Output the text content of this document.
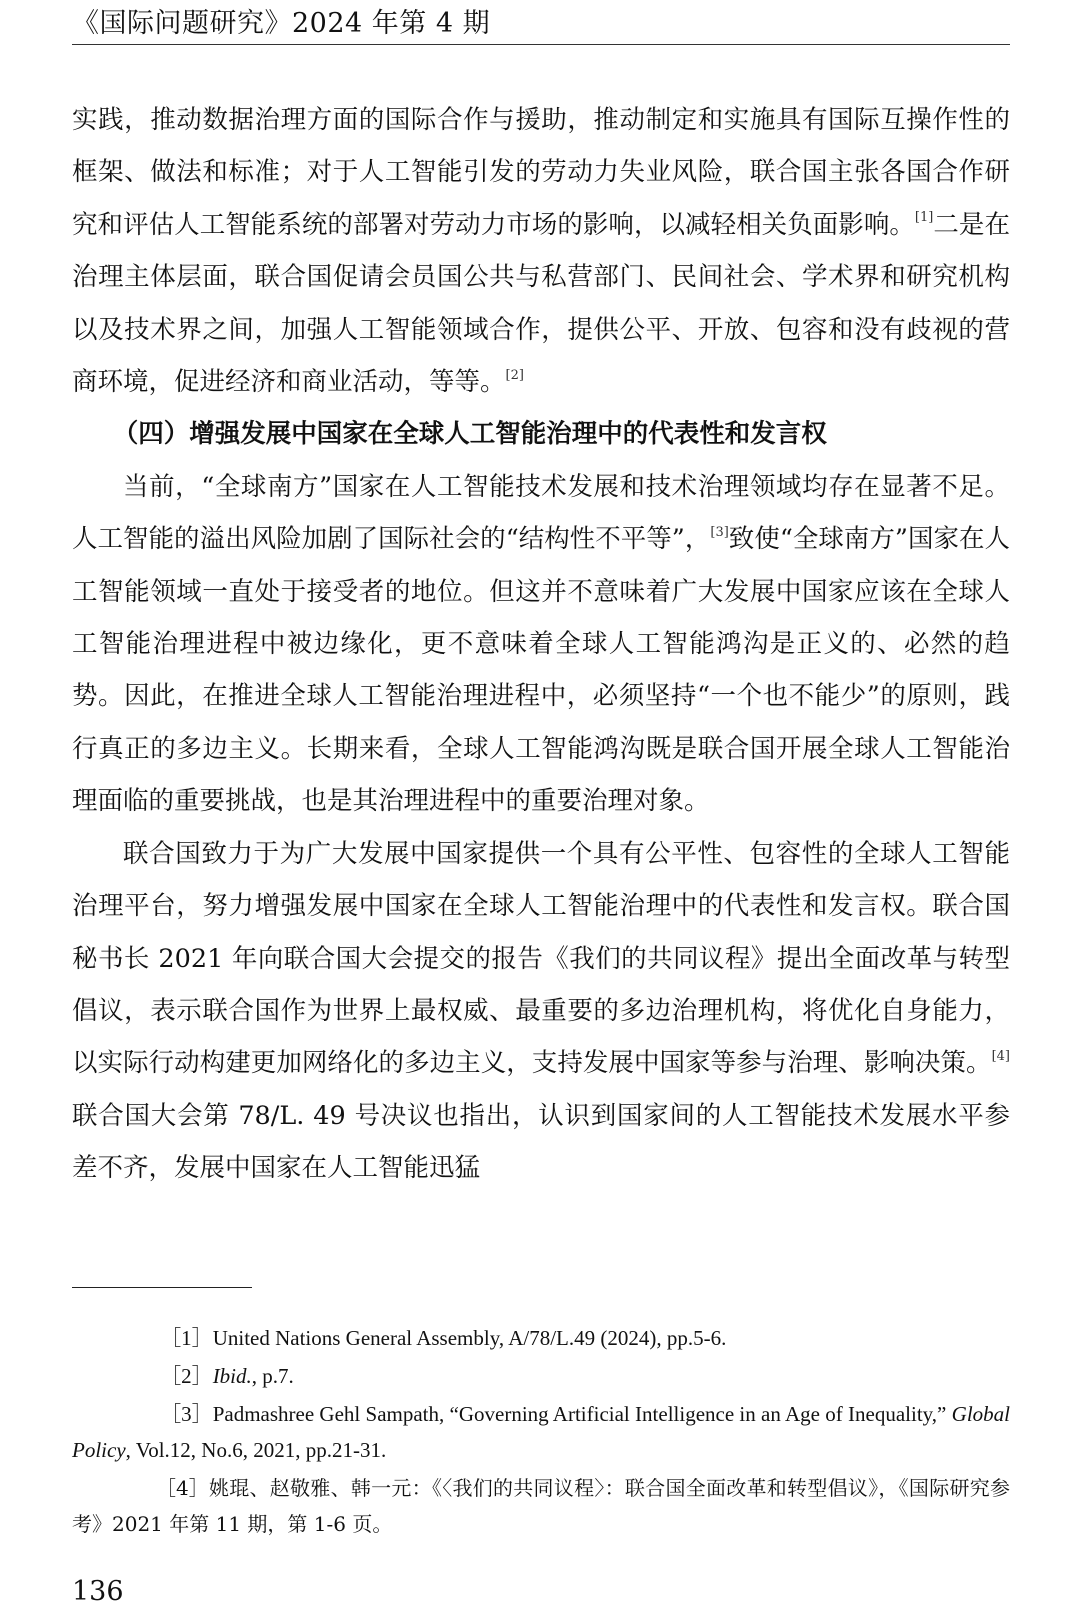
《国际问题研究》2024 年第 4 期

实践，推动数据治理方面的国际合作与援助，推动制定和实施具有国际互操作性的框架、做法和标准；对于人工智能引发的劳动力失业风险，联合国主张各国合作研究和评估人工智能系统的部署对劳动力市场的影响，以减轻相关负面影响。[1]二是在治理主体层面，联合国促请会员国公共与私营部门、民间社会、学术界和研究机构以及技术界之间，加强人工智能领域合作，提供公平、开放、包容和没有歧视的营商环境，促进经济和商业活动，等等。[2]

（四）增强发展中国家在全球人工智能治理中的代表性和发言权

当前，“全球南方”国家在人工智能技术发展和技术治理领域均存在显著不足。人工智能的溢出风险加剧了国际社会的“结构性不平等”，[3]致使“全球南方”国家在人工智能领域一直处于接受者的地位。但这并不意味着广大发展中国家应该在全球人工智能治理进程中被边缘化，更不意味着全球人工智能鸿沟是正义的、必然的趋势。因此，在推进全球人工智能治理进程中，必须坚持“一个也不能少”的原则，践行真正的多边主义。长期来看，全球人工智能鸿沟既是联合国开展全球人工智能治理面临的重要挑战，也是其治理进程中的重要治理对象。

联合国致力于为广大发展中国家提供一个具有公平性、包容性的全球人工智能治理平台，努力增强发展中国家在全球人工智能治理中的代表性和发言权。联合国秘书长 2021 年向联合国大会提交的报告《我们的共同议程》提出全面改革与转型倡议，表示联合国作为世界上最权威、最重要的多边治理机构，将优化自身能力，以实际行动构建更加网络化的多边主义，支持发展中国家等参与治理、影响决策。[4]联合国大会第 78/L. 49 号决议也指出，认识到国家间的人工智能技术发展水平参差不齐，发展中国家在人工智能迅猛

［1］United Nations General Assembly, A/78/L.49 (2024), pp.5-6.

［2］Ibid., p.7.

［3］Padmashree Gehl Sampath, “Governing Artificial Intelligence in an Age of Inequality,” Global Policy, Vol.12, No.6, 2021, pp.21-31.

［4］姚琨、赵敬雅、韩一元：《〈我们的共同议程〉：联合国全面改革和转型倡议》，《国际研究参考》2021 年第 11 期，第 1-6 页。

136
